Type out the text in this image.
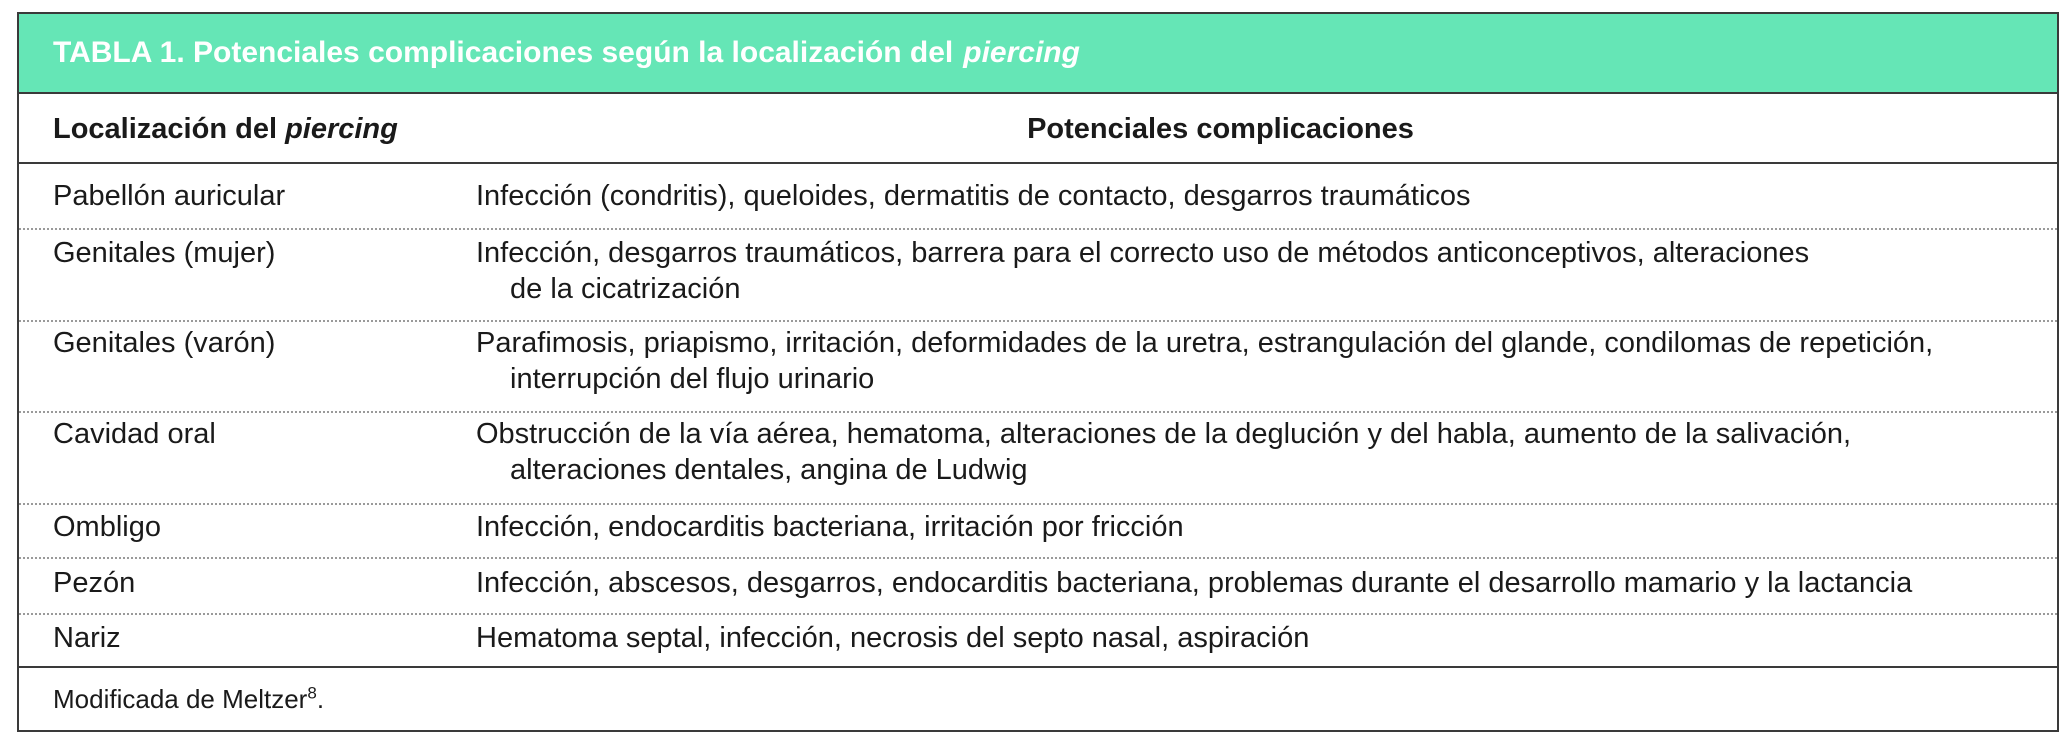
TABLA 1. Potenciales complicaciones según la localización del piercing
Localización del piercing	Potenciales complicaciones
Pabellón auricular	Infección (condritis), queloides, dermatitis de contacto, desgarros traumáticos
Genitales (mujer)	Infección, desgarros traumáticos, barrera para el correcto uso de métodos anticonceptivos, alteraciones
de la cicatrización
Genitales (varón)	Parafimosis, priapismo, irritación, deformidades de la uretra, estrangulación del glande, condilomas de repetición,
interrupción del flujo urinario
Cavidad oral	Obstrucción de la vía aérea, hematoma, alteraciones de la deglución y del habla, aumento de la salivación,
alteraciones dentales, angina de Ludwig
Ombligo	Infección, endocarditis bacteriana, irritación por fricción
Pezón	Infección, abscesos, desgarros, endocarditis bacteriana, problemas durante el desarrollo mamario y la lactancia
Nariz	Hematoma septal, infección, necrosis del septo nasal, aspiración
Modificada de Meltzer$^8$.
